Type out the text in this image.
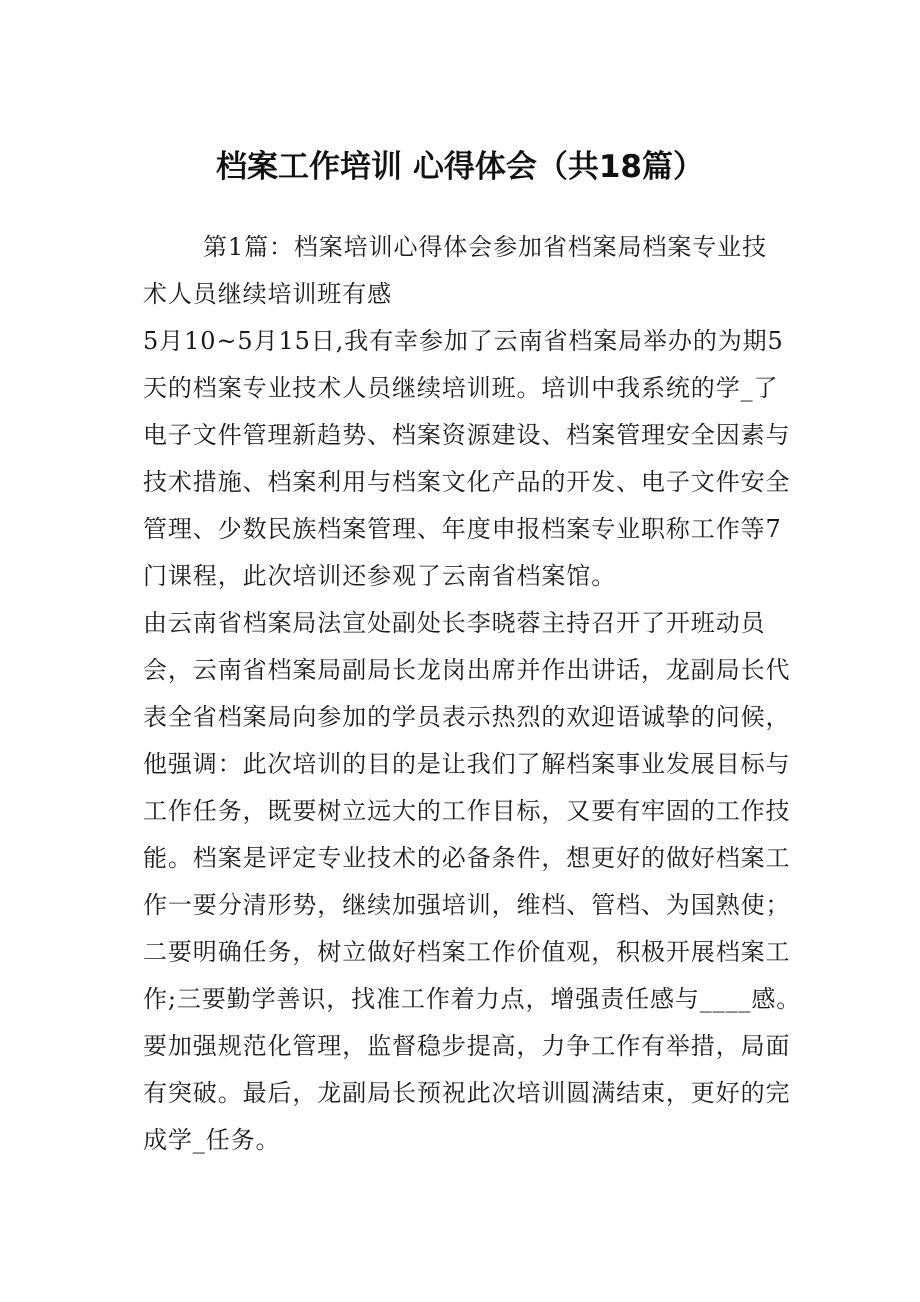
档案工作培训 心得体会（共18篇）
第1篇：档案培训心得体会参加省档案局档案专业技
术人员继续培训班有感
5月10~5月15日,我有幸参加了云南省档案局举办的为期5
天的档案专业技术人员继续培训班。培训中我系统的学_了
电子文件管理新趋势、档案资源建设、档案管理安全因素与
技术措施、档案利用与档案文化产品的开发、电子文件安全
管理、少数民族档案管理、年度申报档案专业职称工作等7
门课程，此次培训还参观了云南省档案馆。
由云南省档案局法宣处副处长李晓蓉主持召开了开班动员
会，云南省档案局副局长龙岗出席并作出讲话，龙副局长代
表全省档案局向参加的学员表示热烈的欢迎语诚挚的问候，
他强调：此次培训的目的是让我们了解档案事业发展目标与
工作任务，既要树立远大的工作目标，又要有牢固的工作技
能。档案是评定专业技术的必备条件，想更好的做好档案工
作一要分清形势，继续加强培训，维档、管档、为国熟使；
二要明确任务，树立做好档案工作价值观，积极开展档案工
作;三要勤学善识，找准工作着力点，增强责任感与____感。
要加强规范化管理，监督稳步提高，力争工作有举措，局面
有突破。最后，龙副局长预祝此次培训圆满结束，更好的完
成学_任务。
